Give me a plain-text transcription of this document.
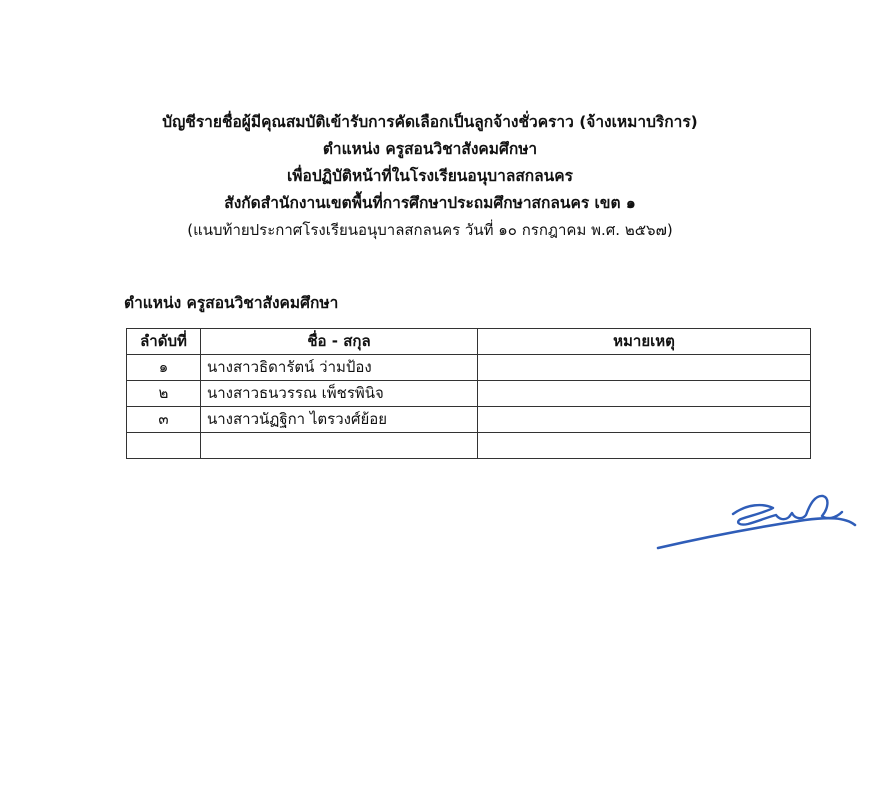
บัญชีรายชื่อผู้มีคุณสมบัติเข้ารับการคัดเลือกเป็นลูกจ้างชั่วคราว (จ้างเหมาบริการ)
ตำแหน่ง ครูสอนวิชาสังคมศึกษา
เพื่อปฏิบัติหน้าที่ในโรงเรียนอนุบาลสกลนคร
สังกัดสำนักงานเขตพื้นที่การศึกษาประถมศึกษาสกลนคร เขต ๑
(แนบท้ายประกาศโรงเรียนอนุบาลสกลนคร วันที่ ๑๐ กรกฎาคม พ.ศ. ๒๕๖๗)
ตำแหน่ง ครูสอนวิชาสังคมศึกษา
ลำดับที่	ชื่อ - สกุล	หมายเหตุ
๑	นางสาวธิดารัตน์ ว่ามป้อง	
๒	นางสาวธนวรรณ เพ็ชรพินิจ	
๓	นางสาวนัฏฐิกา ไตรวงศ์ย้อย	
